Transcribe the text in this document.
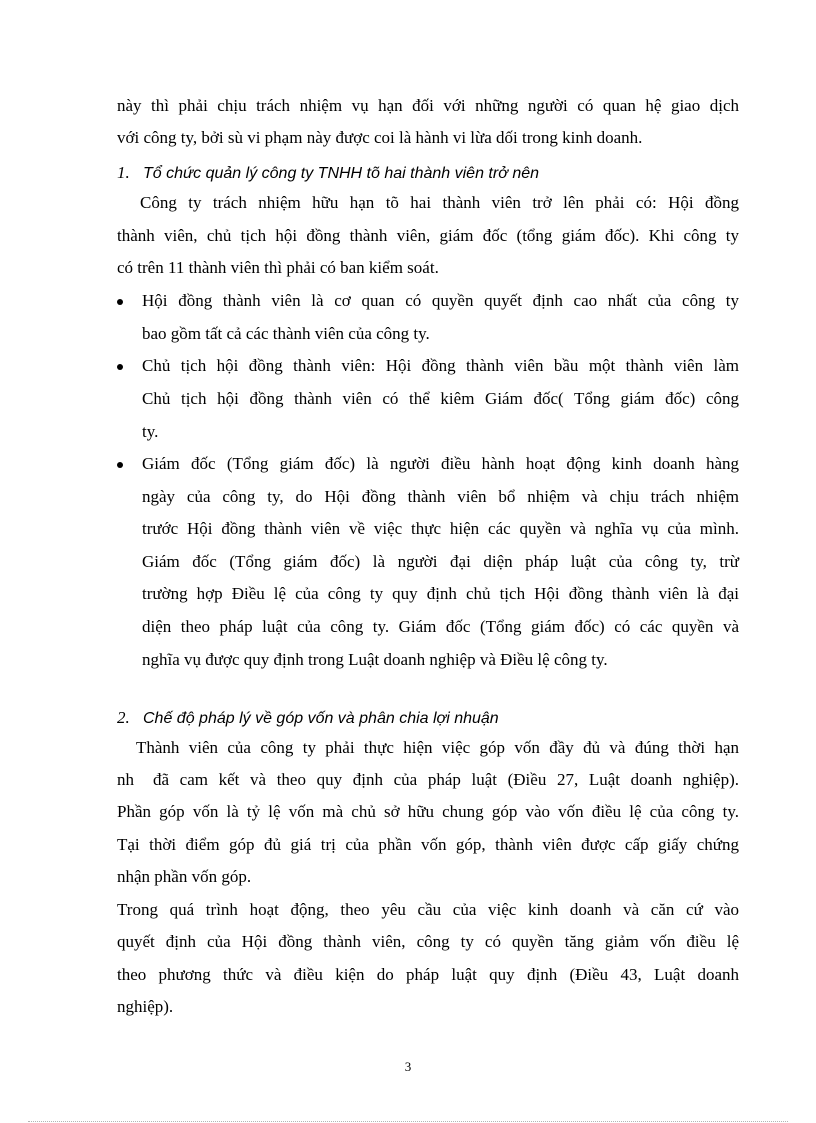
này thì phải chịu trách nhiệm vụ hạn đối với những người có quan hệ giao dịch
với công ty, bởi sù vi phạm này được coi là hành vi lừa dối trong kinh doanh.
1. Tổ chức quản lý công ty TNHH tõ hai thành viên trở nên
Công ty trách nhiệm hữu hạn tõ hai thành viên trở lên phải có: Hội đồng
thành viên, chủ tịch hội đồng thành viên, giám đốc (tổng giám đốc). Khi công ty
có trên 11 thành viên thì phải có ban kiểm soát.
Hội đồng thành viên là cơ quan có quyền quyết định cao nhất của công ty
bao gồm tất cả các thành viên của công ty.
Chủ tịch hội đồng thành viên: Hội đồng thành viên bầu một thành viên làm
Chủ tịch hội đồng thành viên có thể kiêm Giám đốc( Tổng giám đốc) công
ty.
Giám đốc (Tổng giám đốc) là người điều hành hoạt động kinh doanh hàng
ngày của công ty, do Hội đồng thành viên bổ nhiệm và chịu trách nhiệm
trước Hội đồng thành viên về việc thực hiện các quyền và nghĩa vụ của mình.
Giám đốc (Tổng giám đốc) là người đại diện pháp luật của công ty, trừ
trường hợp Điều lệ của công ty quy định chủ tịch Hội đồng thành viên là đại
diện theo pháp luật của công ty. Giám đốc (Tổng giám đốc) có các quyền và
nghĩa vụ được quy định trong Luật doanh nghiệp và Điều lệ công ty.
2. Chế độ pháp lý về góp vốn và phân chia lợi nhuận
Thành viên của công ty phải thực hiện việc góp vốn đầy đủ và đúng thời hạn
nh đã cam kết và theo quy định của pháp luật (Điều 27, Luật doanh nghiệp).
Phần góp vốn là tỷ lệ vốn mà chủ sở hữu chung góp vào vốn điều lệ của công ty.
Tại thời điểm góp đủ giá trị của phần vốn góp, thành viên được cấp giấy chứng
nhận phần vốn góp.
Trong quá trình hoạt động, theo yêu cầu của việc kinh doanh và căn cứ vào
quyết định của Hội đồng thành viên, công ty có quyền tăng giảm vốn điều lệ
theo phương thức và điều kiện do pháp luật quy định (Điều 43, Luật doanh
nghiệp).
3
